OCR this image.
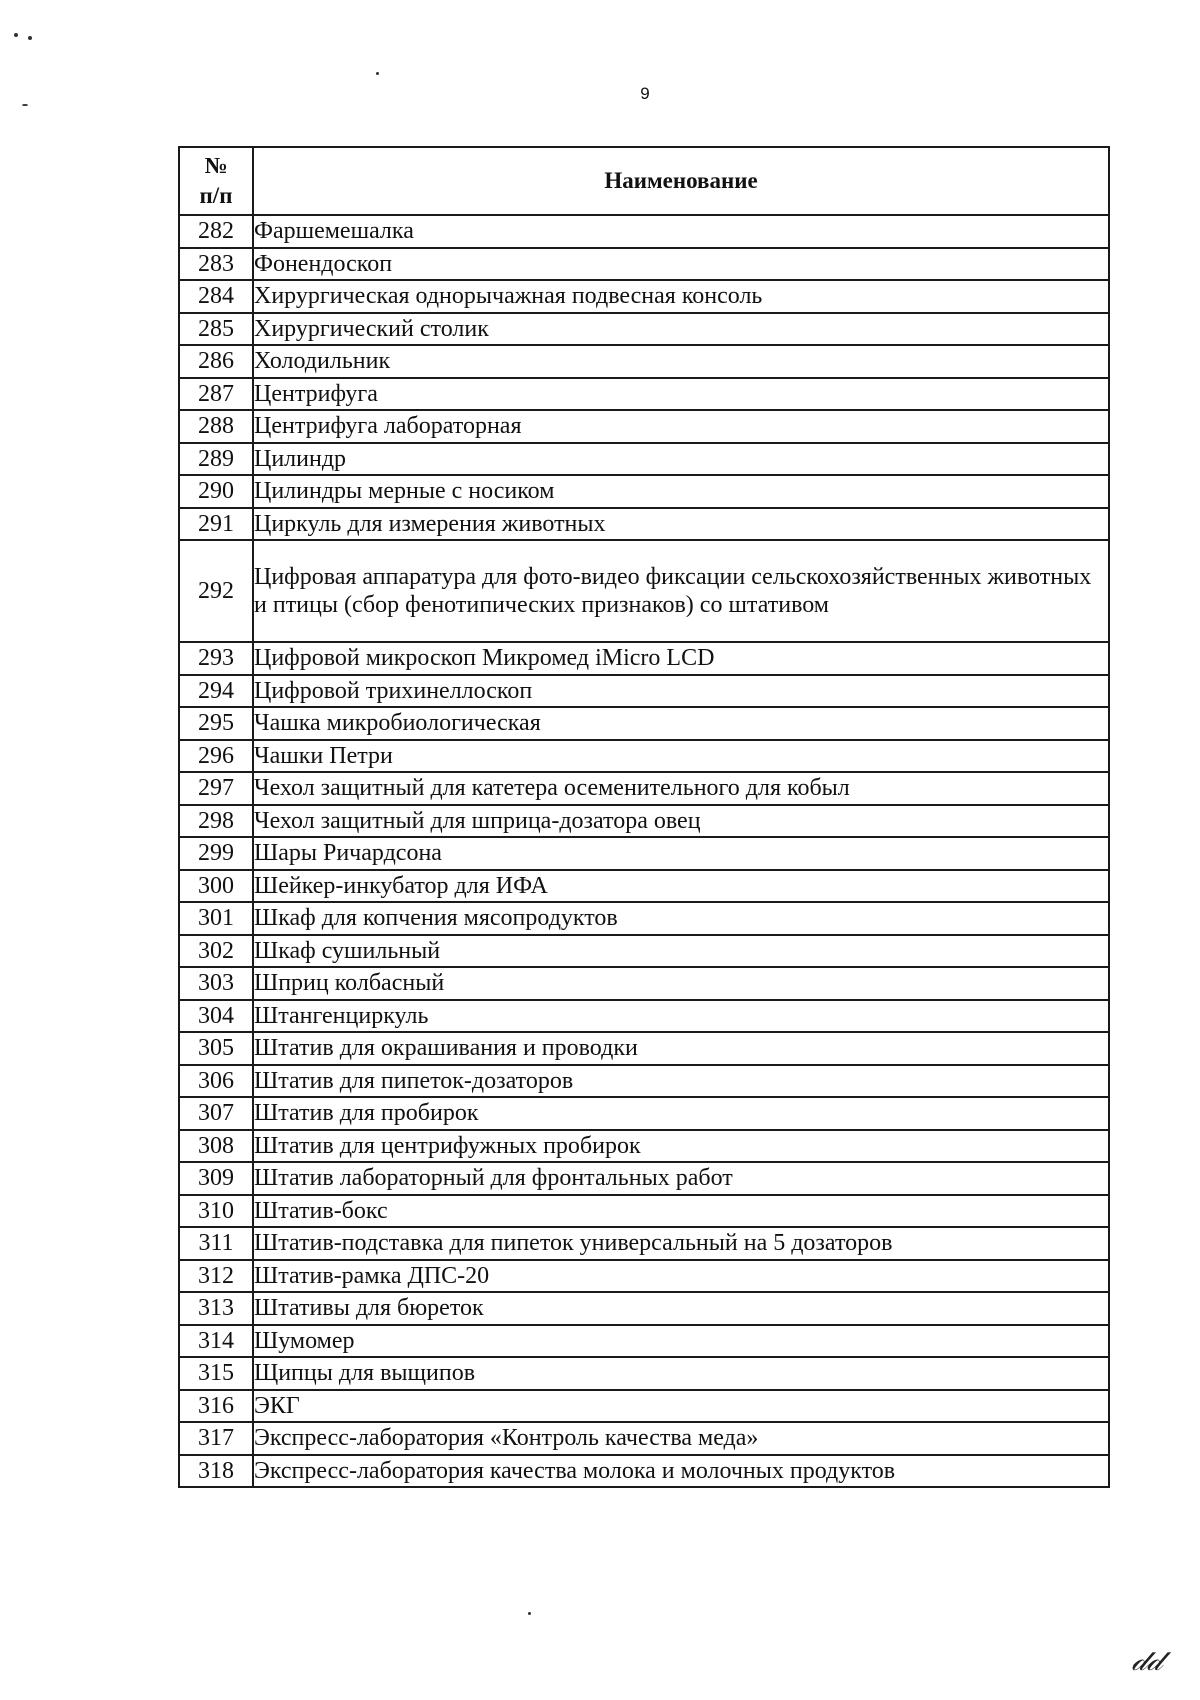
9
№
п/п	Наименование
282	Фаршемешалка
283	Фонендоскоп
284	Хирургическая однорычажная подвесная консоль
285	Хирургический столик
286	Холодильник
287	Центрифуга
288	Центрифуга лабораторная
289	Цилиндр
290	Цилиндры мерные с носиком
291	Циркуль для измерения животных
292	Цифровая аппаратура для фото-видео фиксации сельскохозяйственных животных и птицы (сбор фенотипических признаков) со штативом
293	Цифровой микроскоп Микромед iMicro LCD
294	Цифровой трихинеллоскоп
295	Чашка микробиологическая
296	Чашки Петри
297	Чехол защитный для катетера осеменительного для кобыл
298	Чехол защитный для шприца-дозатора овец
299	Шары Ричардсона
300	Шейкер-инкубатор для ИФА
301	Шкаф для копчения мясопродуктов
302	Шкаф сушильный
303	Шприц колбасный
304	Штангенциркуль
305	Штатив для окрашивания и проводки
306	Штатив для пипеток-дозаторов
307	Штатив для пробирок
308	Штатив для центрифужных пробирок
309	Штатив лабораторный для фронтальных работ
310	Штатив-бокс
311	Штатив-подставка для пипеток универсальный на 5 дозаторов
312	Штатив-рамка ДПС-20
313	Штативы для бюреток
314	Шумомер
315	Щипцы для выщипов
316	ЭКГ
317	Экспресс-лаборатория «Контроль качества меда»
318	Экспресс-лаборатория качества молока и молочных продуктов
𝒹𝒹
